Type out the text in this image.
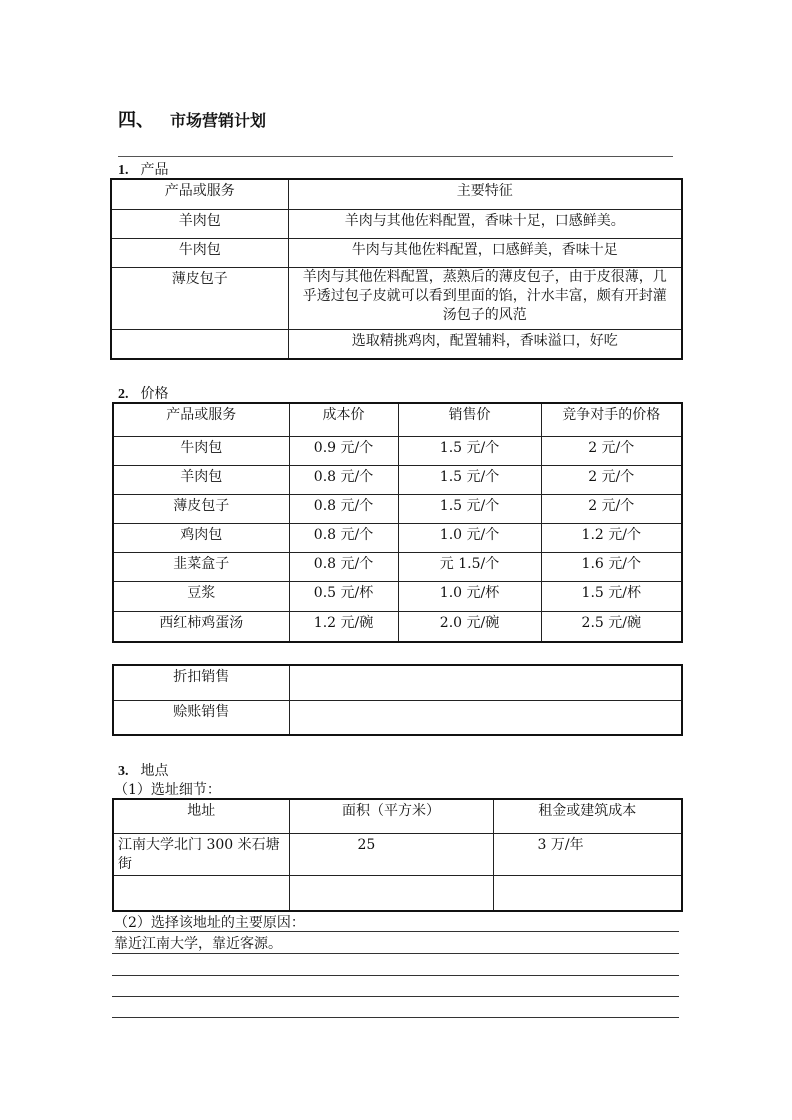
四、 市场营销计划
1. 产品
产品或服务	主要特征
羊肉包	羊肉与其他佐料配置，香味十足，口感鲜美。
牛肉包	牛肉与其他佐料配置，口感鲜美，香味十足
薄皮包子	羊肉与其他佐料配置，蒸熟后的薄皮包子，由于皮很薄，几乎透过包子皮就可以看到里面的馅，汁水丰富，颇有开封灌汤包子的风范
	选取精挑鸡肉，配置辅料，香味溢口，好吃
2. 价格
产品或服务	成本价	销售价	竞争对手的价格
牛肉包	0.9 元/个	1.5 元/个	2 元/个
羊肉包	0.8 元/个	1.5 元/个	2 元/个
薄皮包子	0.8 元/个	1.5 元/个	2 元/个
鸡肉包	0.8 元/个	1.0 元/个	1.2 元/个
韭菜盒子	0.8 元/个	元 1.5/个	1.6 元/个
豆浆	0.5 元/杯	1.0 元/杯	1.5 元/杯
西红柿鸡蛋汤	1.2 元/碗	2.0 元/碗	2.5 元/碗
折扣销售	
赊账销售	
3. 地点
（1）选址细节：
地址	面积（平方米）	租金或建筑成本
江南大学北门 300 米石塘街	25	3 万/年

（2）选择该地址的主要原因：
靠近江南大学，靠近客源。
